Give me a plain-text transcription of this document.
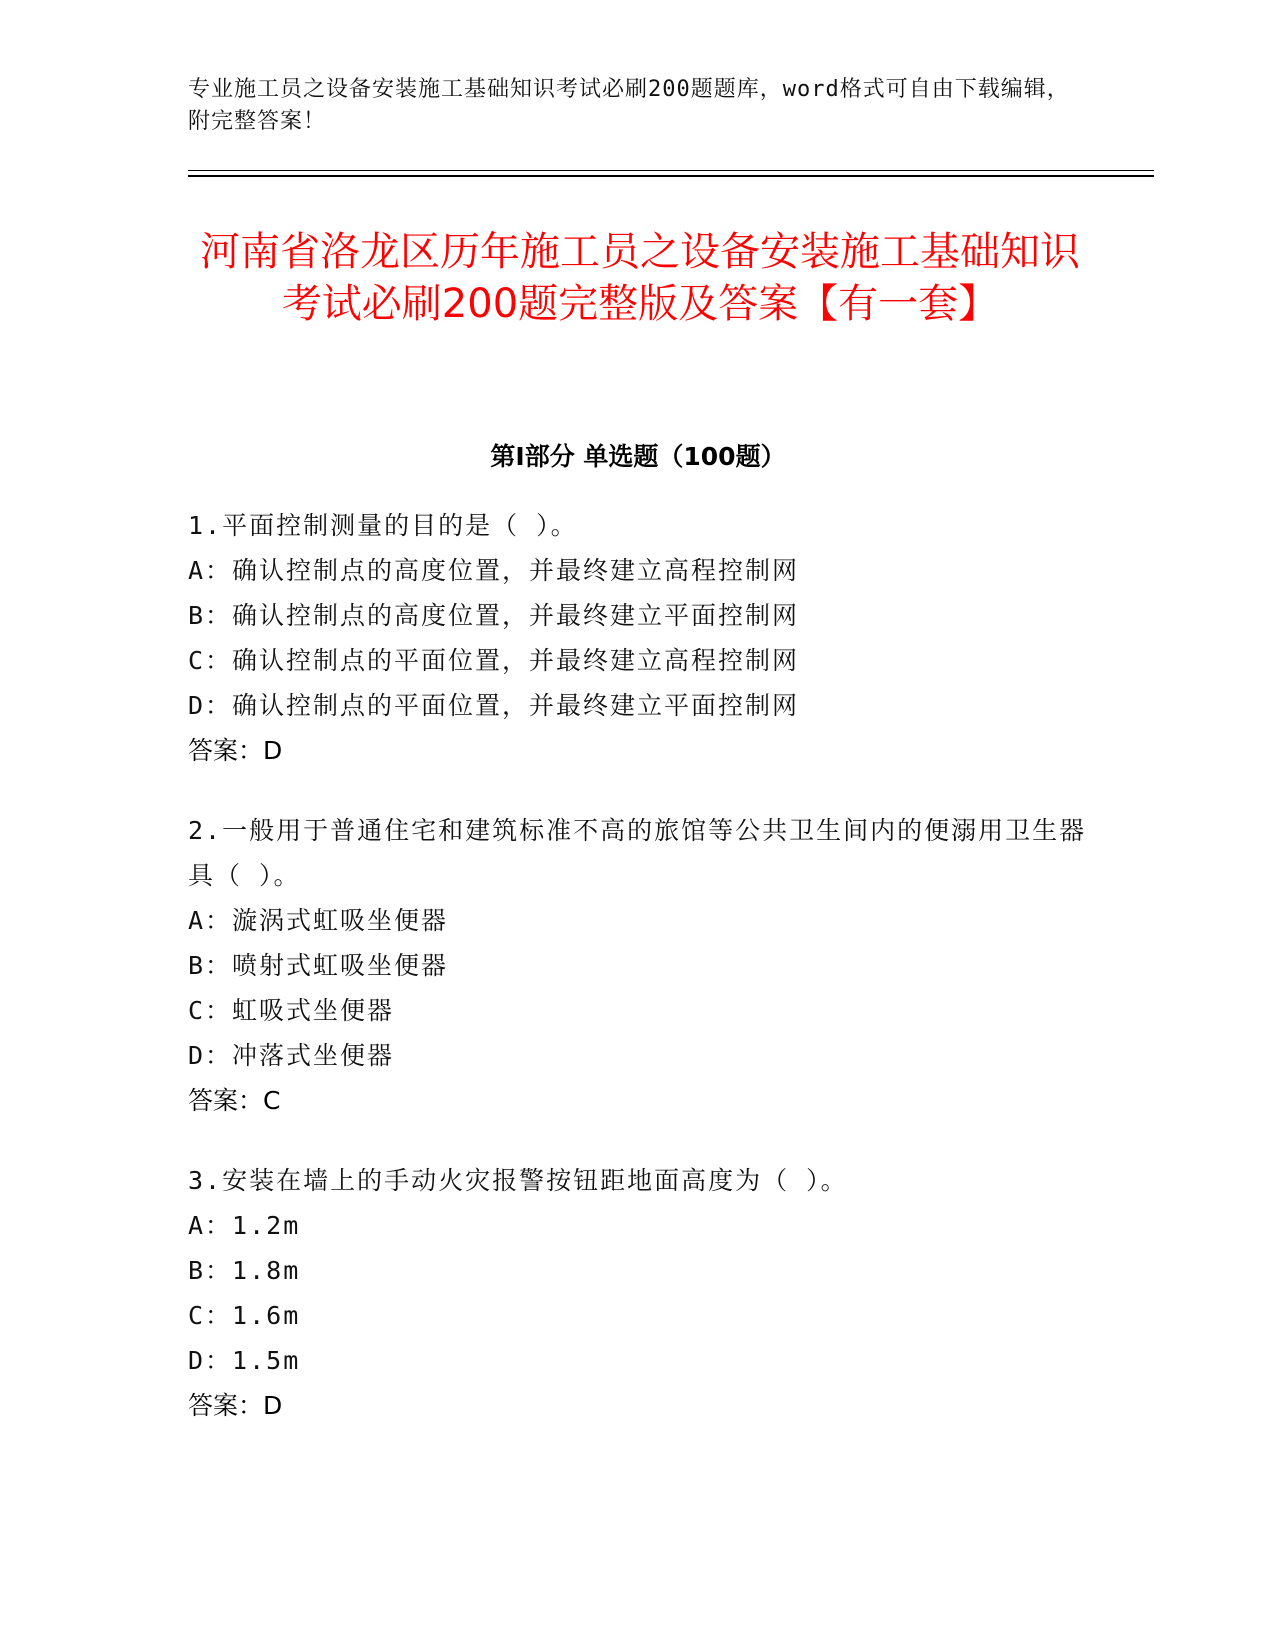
专业施工员之设备安装施工基础知识考试必刷200题题库，word格式可自由下载编辑，附完整答案！
河南省洛龙区历年施工员之设备安装施工基础知识考试必刷200题完整版及答案【有一套】
第I部分 单选题（100题）
1.平面控制测量的目的是（ ）。
A：确认控制点的高度位置，并最终建立高程控制网
B：确认控制点的高度位置，并最终建立平面控制网
C：确认控制点的平面位置，并最终建立高程控制网
D：确认控制点的平面位置，并最终建立平面控制网
答案：D
2.一般用于普通住宅和建筑标准不高的旅馆等公共卫生间内的便溺用卫生器具（ ）。
A：漩涡式虹吸坐便器
B：喷射式虹吸坐便器
C：虹吸式坐便器
D：冲落式坐便器
答案：C
3.安装在墙上的手动火灾报警按钮距地面高度为（ ）。
A：1.2m
B：1.8m
C：1.6m
D：1.5m
答案：D
